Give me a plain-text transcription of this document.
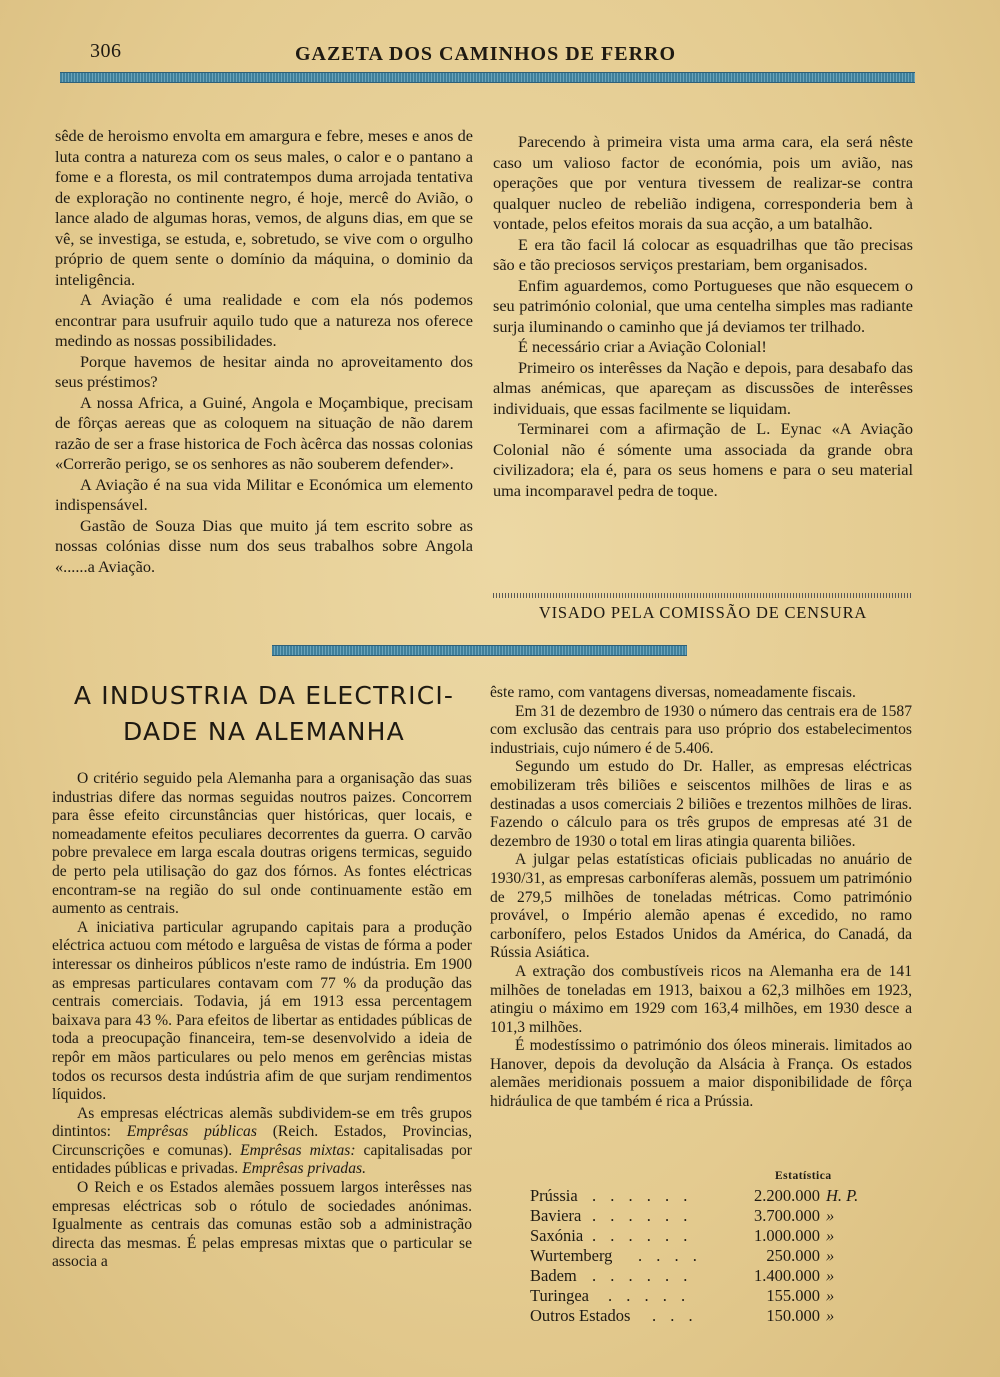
306	GAZETA DOS CAMINHOS DE FERRO

sêde de heroismo envolta em amargura e febre, meses e anos de luta contra a natureza com os seus males, o calor e o pantano a fome e a floresta, os mil contratempos duma arrojada tentativa de exploração no continente negro, é hoje, mercê do Avião, o lance alado de algumas horas, vemos, de alguns dias, em que se vê, se investiga, se estuda, e, sobretudo, se vive com o orgulho próprio de quem sente o domínio da máquina, o dominio da inteligência.

A Aviação é uma realidade e com ela nós podemos encontrar para usufruir aquilo tudo que a natureza nos oferece medindo as nossas possibilidades.

Porque havemos de hesitar ainda no aproveitamento dos seus préstimos?

A nossa Africa, a Guiné, Angola e Moçambique, precisam de fôrças aereas que as coloquem na situação de não darem razão de ser a frase historica de Foch àcêrca das nossas colonias «Correrão perigo, se os senhores as não souberem defender».

A Aviação é na sua vida Militar e Económica um elemento indispensável.

Gastão de Souza Dias que muito já tem escrito sobre as nossas colónias disse num dos seus trabalhos sobre Angola «......a Aviação.

Parecendo à primeira vista uma arma cara, ela será nêste caso um valioso factor de económia, pois um avião, nas operações que por ventura tivessem de realizar-se contra qualquer nucleo de rebelião indigena, corresponderia bem à vontade, pelos efeitos morais da sua acção, a um batalhão.

E era tão facil lá colocar as esquadrilhas que tão precisas são e tão preciosos serviços prestariam, bem organisados.

Enfim aguardemos, como Portugueses que não esquecem o seu património colonial, que uma centelha simples mas radiante surja iluminando o caminho que já deviamos ter trilhado.

É necessário criar a Aviação Colonial!

Primeiro os interêsses da Nação e depois, para desabafo das almas anémicas, que apareçam as discussões de interêsses individuais, que essas facilmente se liquidam.

Terminarei com a afirmação de L. Eynac «A Aviação Colonial não é sómente uma associada da grande obra civilizadora; ela é, para os seus homens e para o seu material uma incomparavel pedra de toque.

VISADO PELA COMISSÃO DE CENSURA
A INDUSTRIA DA ELECTRICI-
DADE NA ALEMANHA

O critério seguido pela Alemanha para a organisação das suas industrias difere das normas seguidas noutros paizes. Concorrem para êsse efeito circunstâncias quer históricas, quer locais, e nomeadamente efeitos peculiares decorrentes da guerra. O carvão pobre prevalece em larga escala doutras origens termicas, seguido de perto pela utilisação do gaz dos fórnos. As fontes eléctricas encontram-se na região do sul onde continuamente estão em aumento as centrais.

A iniciativa particular agrupando capitais para a produção eléctrica actuou com método e larguêsa de vistas de fórma a poder interessar os dinheiros públicos n'este ramo de indústria. Em 1900 as empresas particulares contavam com 77 % da produção das centrais comerciais. Todavia, já em 1913 essa percentagem baixava para 43 %. Para efeitos de libertar as entidades públicas de toda a preocupação financeira, tem-se desenvolvido a ideia de repôr em mãos particulares ou pelo menos em gerências mistas todos os recursos desta indústria afim de que surjam rendimentos líquidos.

As empresas eléctricas alemãs subdividem-se em três grupos dintintos: Emprêsas públicas (Reich. Estados, Provincias, Circunscrições e comunas). Emprêsas mixtas: capitalisadas por entidades públicas e privadas. Emprêsas privadas.

O Reich e os Estados alemães possuem largos interêsses nas empresas eléctricas sob o rótulo de sociedades anónimas. Igualmente as centrais das comunas estão sob a administração directa das mesmas. É pelas empresas mixtas que o particular se associa a

êste ramo, com vantagens diversas, nomeadamente fiscais.

Em 31 de dezembro de 1930 o número das centrais era de 1587 com exclusão das centrais para uso próprio dos estabelecimentos industriais, cujo número é de 5.406.

Segundo um estudo do Dr. Haller, as empresas eléctricas emobilizeram três biliões e seiscentos milhões de liras e as destinadas a usos comerciais 2 biliões e trezentos milhões de liras. Fazendo o cálculo para os três grupos de empresas até 31 de dezembro de 1930 o total em liras atingia quarenta biliões.

A julgar pelas estatísticas oficiais publicadas no anuário de 1930/31, as empresas carboníferas alemãs, possuem um património de 279,5 milhões de toneladas métricas. Como património provável, o Império alemão apenas é excedido, no ramo carbonífero, pelos Estados Unidos da América, do Canadá, da Rússia Asiática.

A extração dos combustíveis ricos na Alemanha era de 141 milhões de toneladas em 1913, baixou a 62,3 milhões em 1923, atingiu o máximo em 1929 com 163,4 milhões, em 1930 desce a 101,3 milhões.

É modestíssimo o património dos óleos minerais. limitados ao Hanover, depois da devolução da Alsácia à França. Os estados alemães meridionais possuem a maior disponibilidade de fôrça hidráulica de que também é rica a Prússia.

Estatística
Prússia . . . . . .	2.200.000 H. P.
Baviera . . . . . .	3.700.000 »
Saxónia . . . . . .	1.000.000 »
Wurtemberg . . . .	250.000 »
Badem . . . . . .	1.400.000 »
Turingea . . . . .	155.000 »
Outros Estados . . .	150.000 »
